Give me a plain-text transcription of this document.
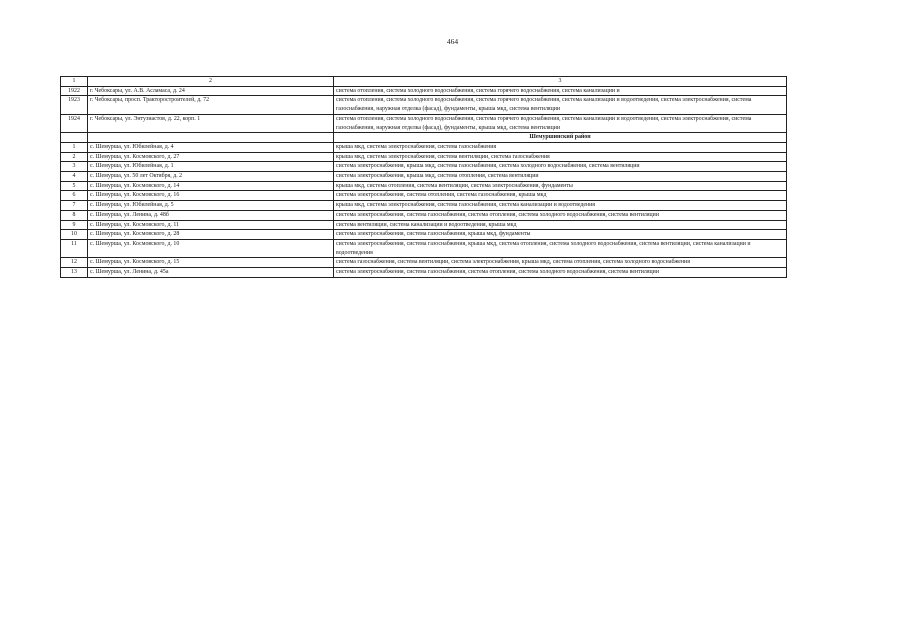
464
1	2	3
1922	г. Чебоксары, ул. А.В. Асламаса, д. 24	система отопления, система холодного водоснабжения, система горячего водоснабжения, система канализации и
1923	г. Чебоксары, просп. Тракторостроителей, д. 72	система отопления, система холодного водоснабжения, система горячего водоснабжения, система канализации и водоотведения, система электроснабжения, система газоснабжения, наружная отделка (фасад), фундаменты, крыша мкд, система вентиляции
1924	г. Чебоксары, ул. Энтузиастов, д. 22, корп. 1	система отопления, система холодного водоснабжения, система горячего водоснабжения, система канализации и водоотведения, система электроснабжения, система газоснабжения, наружная отделка (фасад), фундаменты, крыша мкд, система вентиляции
		Шемуршинский район
1	с. Шемурша, ул. Юбилейная, д. 4	крыша мкд, система электроснабжения, система газоснабжения
2	с. Шемурша, ул. Космовского, д. 27	крыша мкд, система электроснабжения, система вентиляции, система газоснабжения
3	с. Шемурша, ул. Юбилейная, д. 1	система электроснабжения, крыша мкд, система газоснабжения, система холодного водоснабжения, система вентиляции
4	с. Шемурша, ул. 50 лет Октября, д. 2	система электроснабжения, крыша мкд, система отопления, система вентиляции
5	с. Шемурша, ул. Космовского, д. 14	крыша мкд, система отопления, система вентиляции, система электроснабжения, фундаменты
6	с. Шемурша, ул. Космовского, д. 16	система электроснабжения, система отопления, система газоснабжения, крыша мкд
7	с. Шемурша, ул. Юбилейная, д. 5	крыша мкд, система электроснабжения, система газоснабжения, система канализации и водоотведения
8	с. Шемурша, ул. Ленина, д. 48б	система электроснабжения, система газоснабжения, система отопления, система холодного водоснабжения, система вентиляции
9	с. Шемурша, ул. Космовского, д. 11	система вентиляции, система канализации и водоотведения, крыша мкд
10	с. Шемурша, ул. Космовского, д. 28	система электроснабжения, система газоснабжения, крыша мкд, фундаменты
11	с. Шемурша, ул. Космовского, д. 10	система электроснабжения, система газоснабжения, крыша мкд, система отопления, система холодного водоснабжения, система вентиляции, система канализации и водоотведения
12	с. Шемурша, ул. Космовского, д. 15	система газоснабжения, система вентиляции, система электроснабжения, крыша мкд, система отопления, система холодного водоснабжения
13	с. Шемурша, ул. Ленина, д. 45а	система электроснабжения, система газоснабжения, система отопления, система холодного водоснабжения, система вентиляции
